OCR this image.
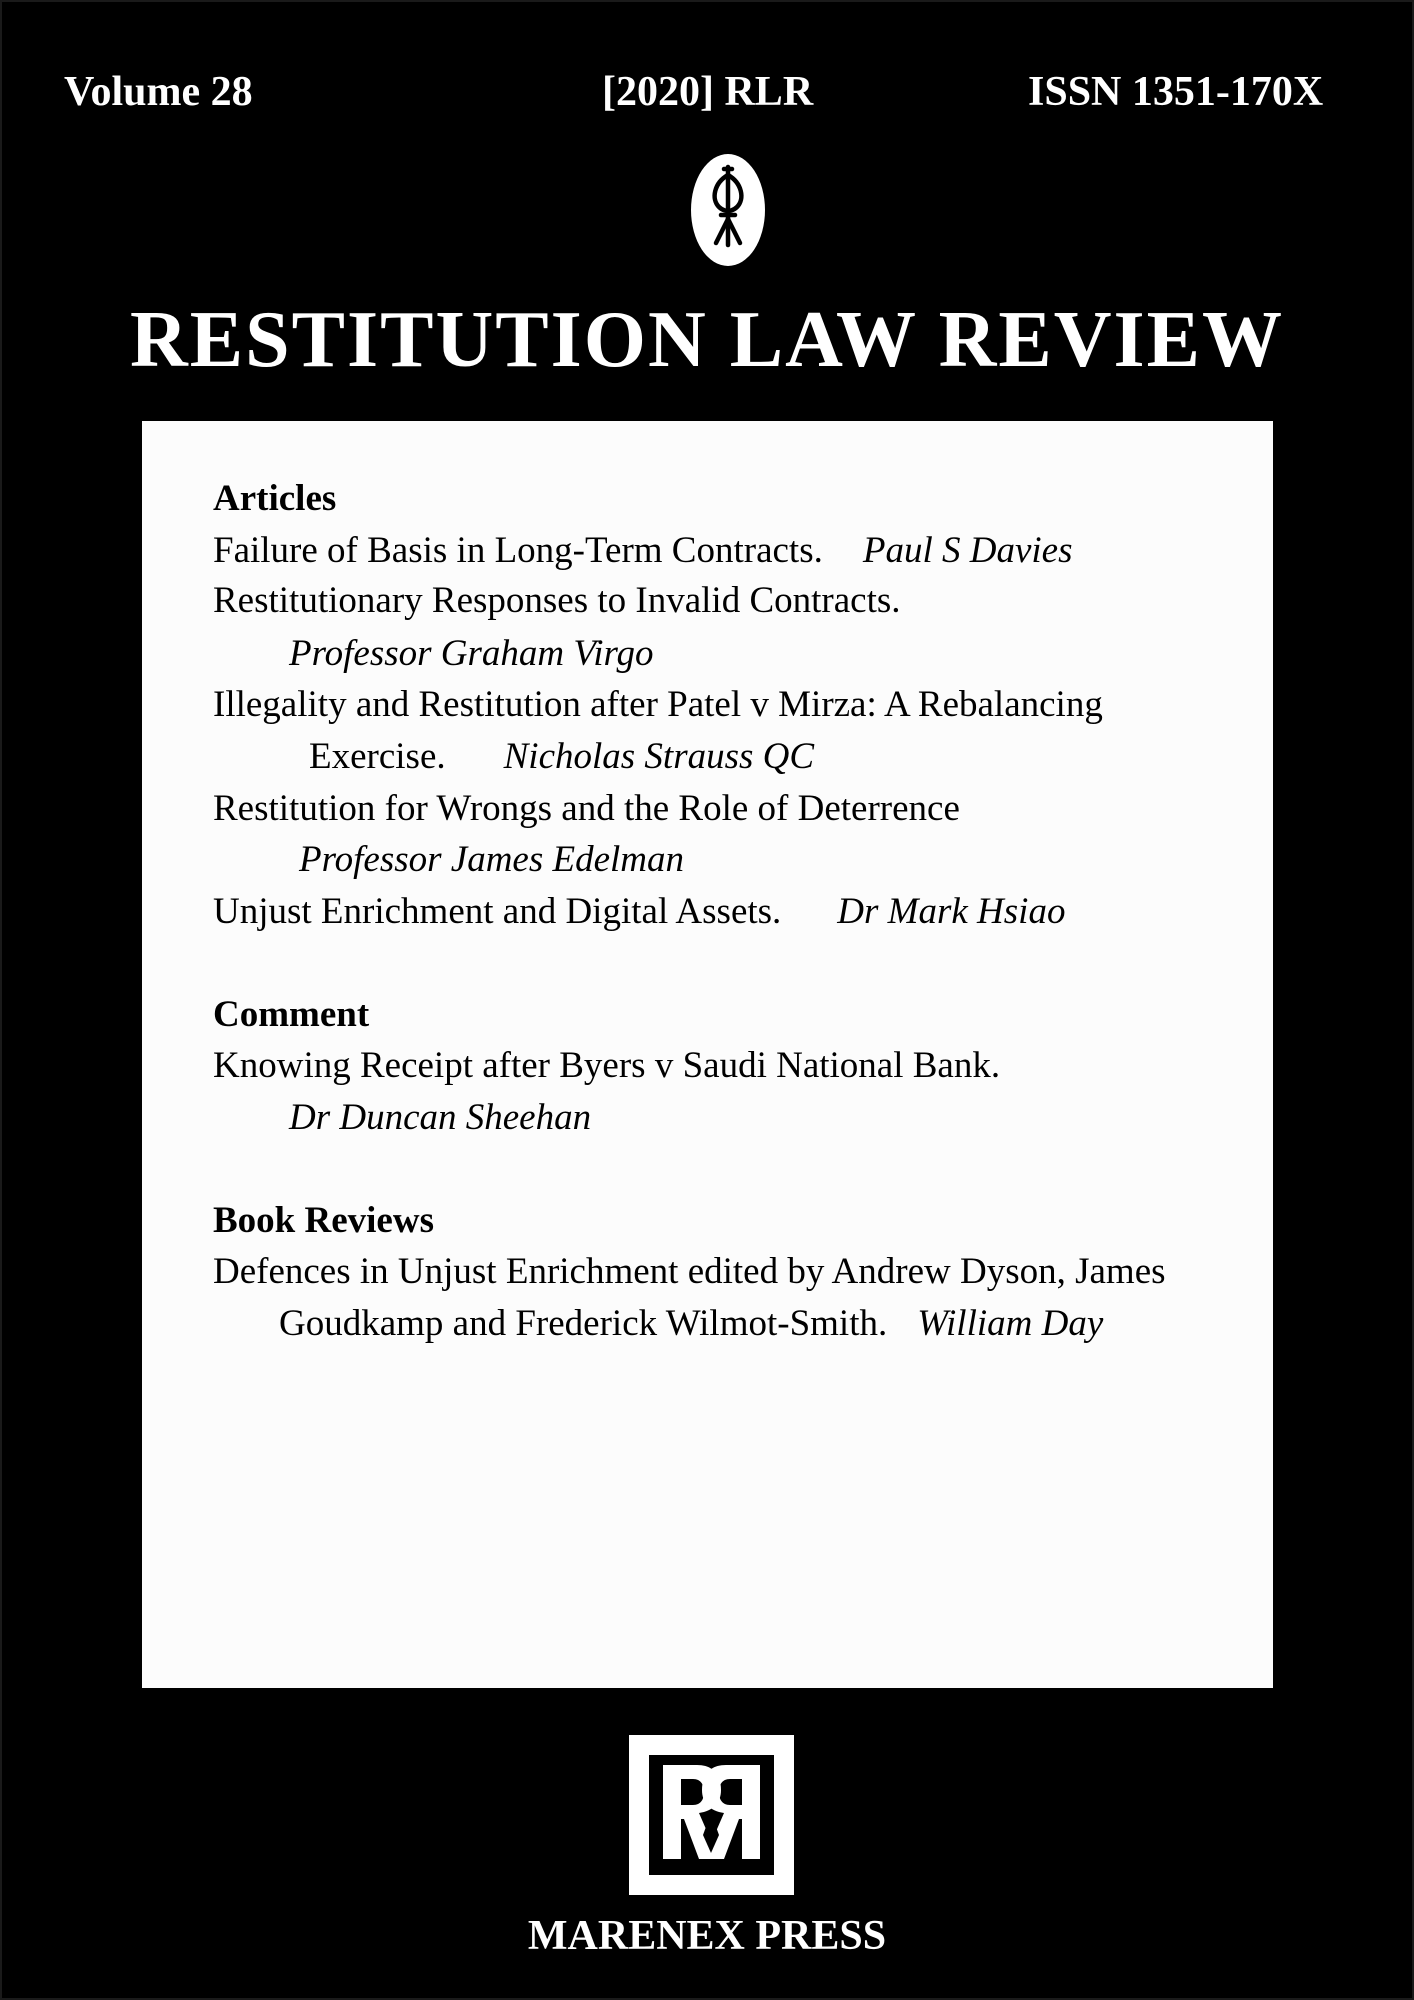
Volume 28	[2020] RLR	ISSN 1351-170X
RESTITUTION LAW REVIEW
Articles
Failure of Basis in Long-Term Contracts. Paul S Davies
Restitutionary Responses to Invalid Contracts.
Professor Graham Virgo
Illegality and Restitution after Patel v Mirza: A Rebalancing
Exercise. Nicholas Strauss QC
Restitution for Wrongs and the Role of Deterrence
Professor James Edelman
Unjust Enrichment and Digital Assets. Dr Mark Hsiao
Comment
Knowing Receipt after Byers v Saudi National Bank.
Dr Duncan Sheehan
Book Reviews
Defences in Unjust Enrichment edited by Andrew Dyson, James
Goudkamp and Frederick Wilmot-Smith. William Day
MARENEX PRESS
